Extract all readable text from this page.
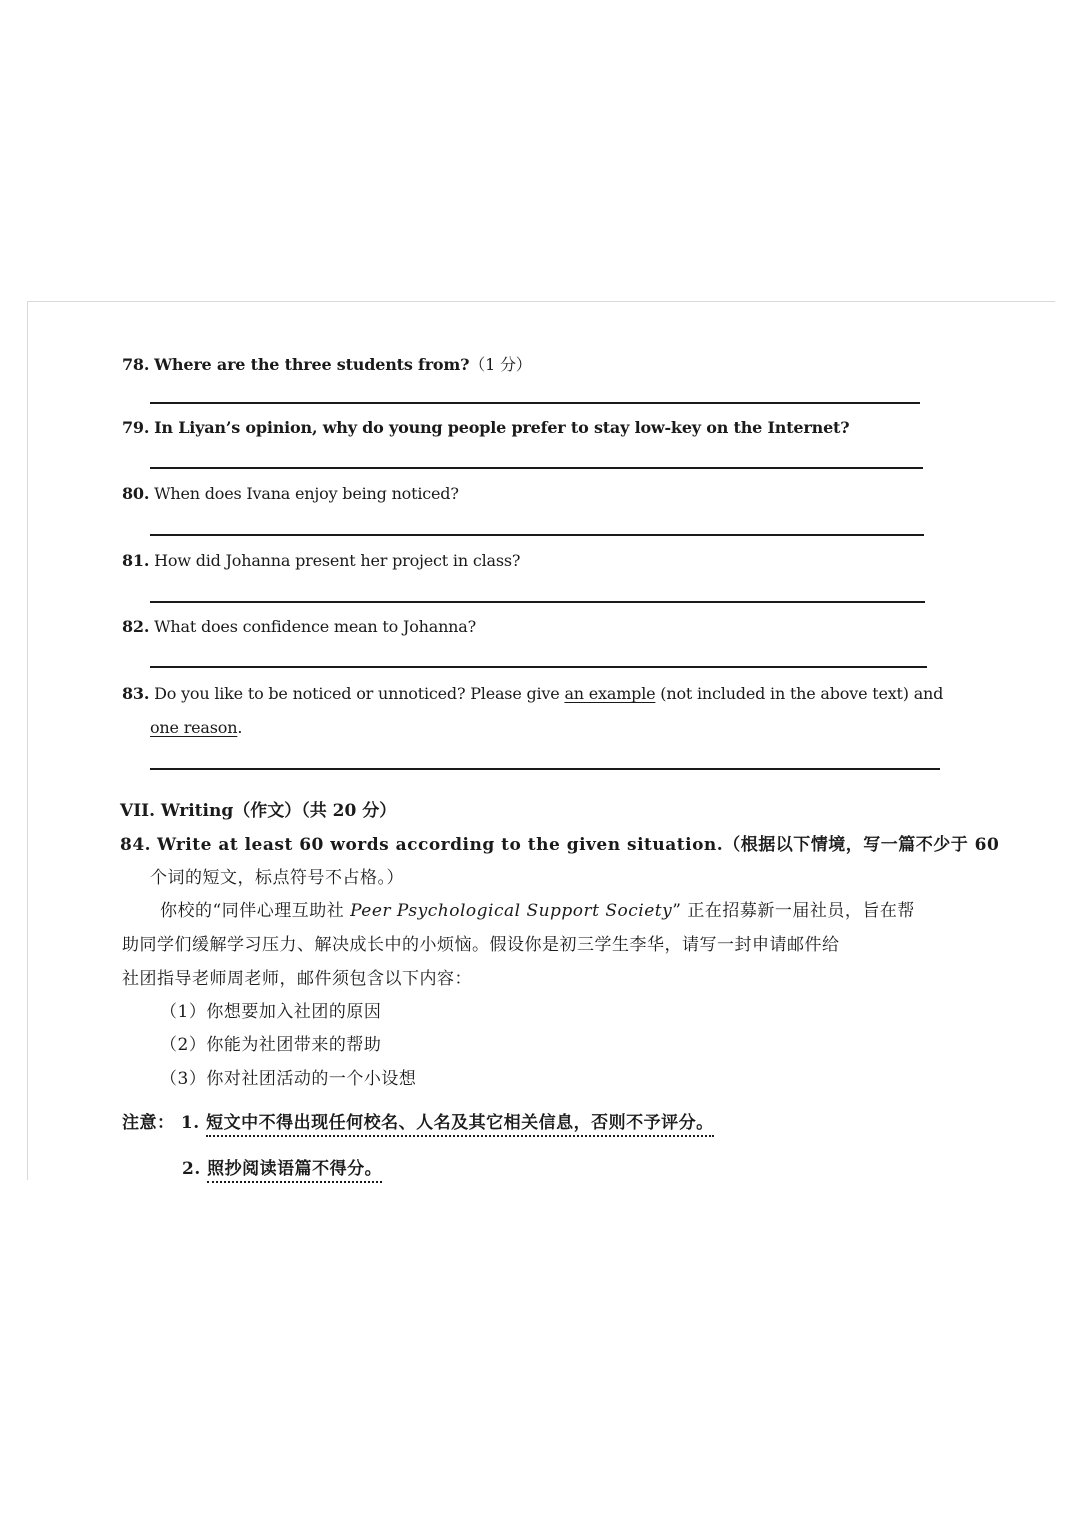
78. Where are the three students from?（1 分）
79. In Liyan’s opinion, why do young people prefer to stay low-key on the Internet?
80. When does Ivana enjoy being noticed?
81. How did Johanna present her project in class?
82. What does confidence mean to Johanna?
83. Do you like to be noticed or unnoticed? Please give an example (not included in the above text) and
one reason.
VII. Writing（作文）（共 20 分）
84. Write at least 60 words according to the given situation.（根据以下情境，写一篇不少于 60
个词的短文，标点符号不占格。）
你校的“同伴心理互助社 Peer Psychological Support Society” 正在招募新一届社员，旨在帮
助同学们缓解学习压力、解决成长中的小烦恼。假设你是初三学生李华，请写一封申请邮件给
社团指导老师周老师，邮件须包含以下内容：
（1）你想要加入社团的原因
（2）你能为社团带来的帮助
（3）你对社团活动的一个小设想
注意： 1. 短文中不得出现任何校名、人名及其它相关信息，否则不予评分。
2. 照抄阅读语篇不得分。
